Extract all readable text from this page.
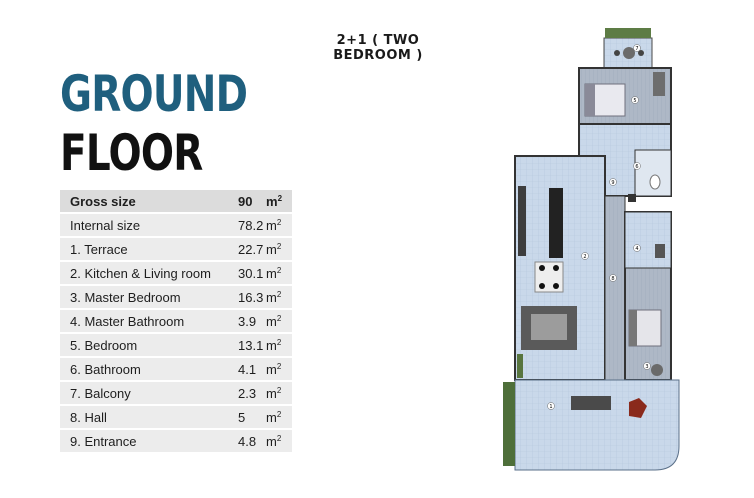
2+1 ( TWO BEDROOM )
GROUND
FLOOR
Gross size	90 $m^2$
Internal size	78.2 $m^2$
1. Terrace	22.7 $m^2$
2. Kitchen & Living room 30.1 $m^2$
3. Master Bedroom	16.3 $m^2$
4. Master Bathroom	3.9 $m^2$
5. Bedroom	13.1 $m^2$
6. Bathroom	4.1 $m^2$
7. Balcony	2.3 $m^2$
8. Hall	5 $m^2$
9. Entrance	4.8 $m^2$
7
5
6
9
4
8
2
3
1
